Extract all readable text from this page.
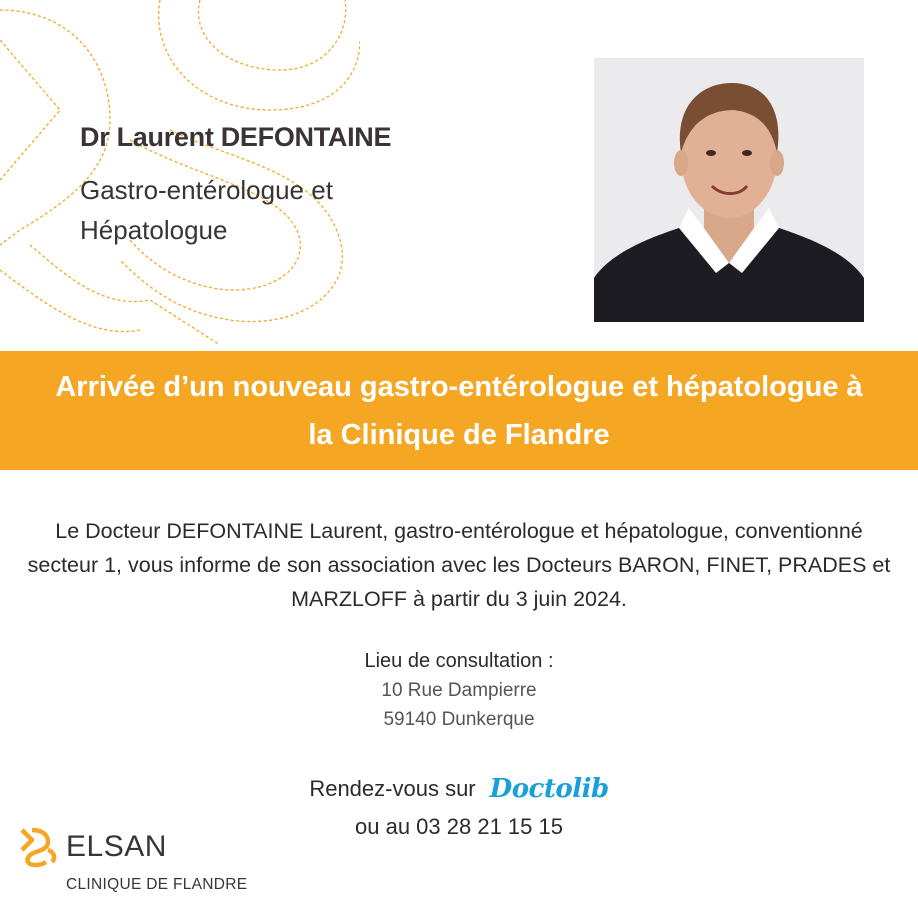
Dr Laurent DEFONTAINE
Gastro-entérologue et Hépatologue
Arrivée d’un nouveau gastro-entérologue et hépatologue à la Clinique de Flandre
Le Docteur DEFONTAINE Laurent, gastro-entérologue et hépatologue, conventionné secteur 1, vous informe de son association avec les Docteurs BARON, FINET, PRADES et MARZLOFF à partir du 3 juin 2024.
Lieu de consultation :
10 Rue Dampierre
59140 Dunkerque
Rendez-vous sur Doctolib
ou au 03 28 21 15 15
ELSAN
CLINIQUE DE FLANDRE
